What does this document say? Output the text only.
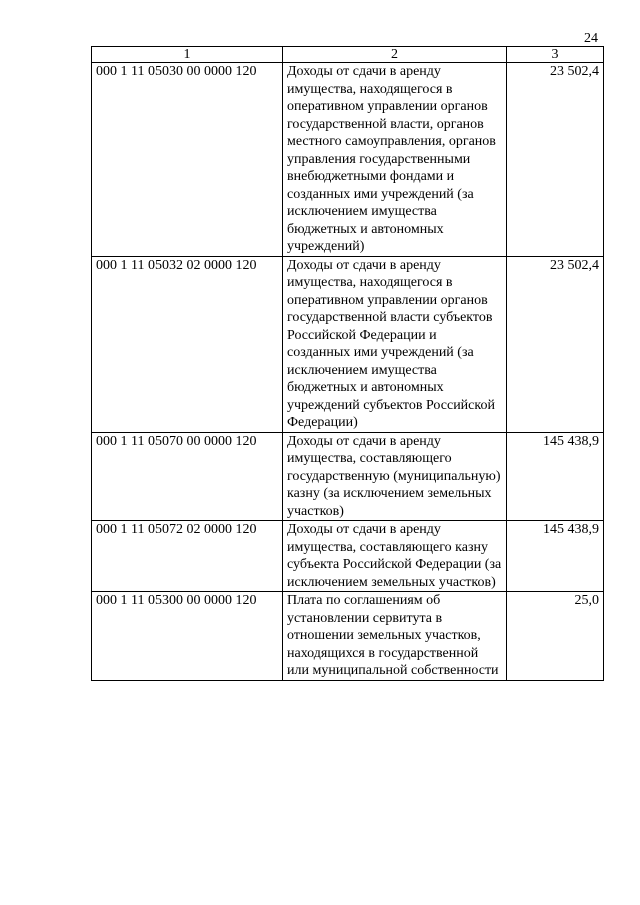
24
1	2	3
000 1 11 05030 00 0000 120	Доходы от сдачи в аренду имущества, находящегося в оперативном управлении органов государственной власти, органов местного самоуправления, органов управления государственными внебюджетными фондами и созданных ими учреждений (за исключением имущества бюджетных и автономных учреждений)	23 502,4
000 1 11 05032 02 0000 120	Доходы от сдачи в аренду имущества, находящегося в оперативном управлении органов государственной власти субъектов Российской Федерации и созданных ими учреждений (за исключением имущества бюджетных и автономных учреждений субъектов Российской Федерации)	23 502,4
000 1 11 05070 00 0000 120	Доходы от сдачи в аренду имущества, составляющего государственную (муниципальную) казну (за исключением земельных участков)	145 438,9
000 1 11 05072 02 0000 120	Доходы от сдачи в аренду имущества, составляющего казну субъекта Российской Федерации (за исключением земельных участков)	145 438,9
000 1 11 05300 00 0000 120	Плата по соглашениям об установлении сервитута в отношении земельных участков, находящихся в государственной или муниципальной собственности	25,0
